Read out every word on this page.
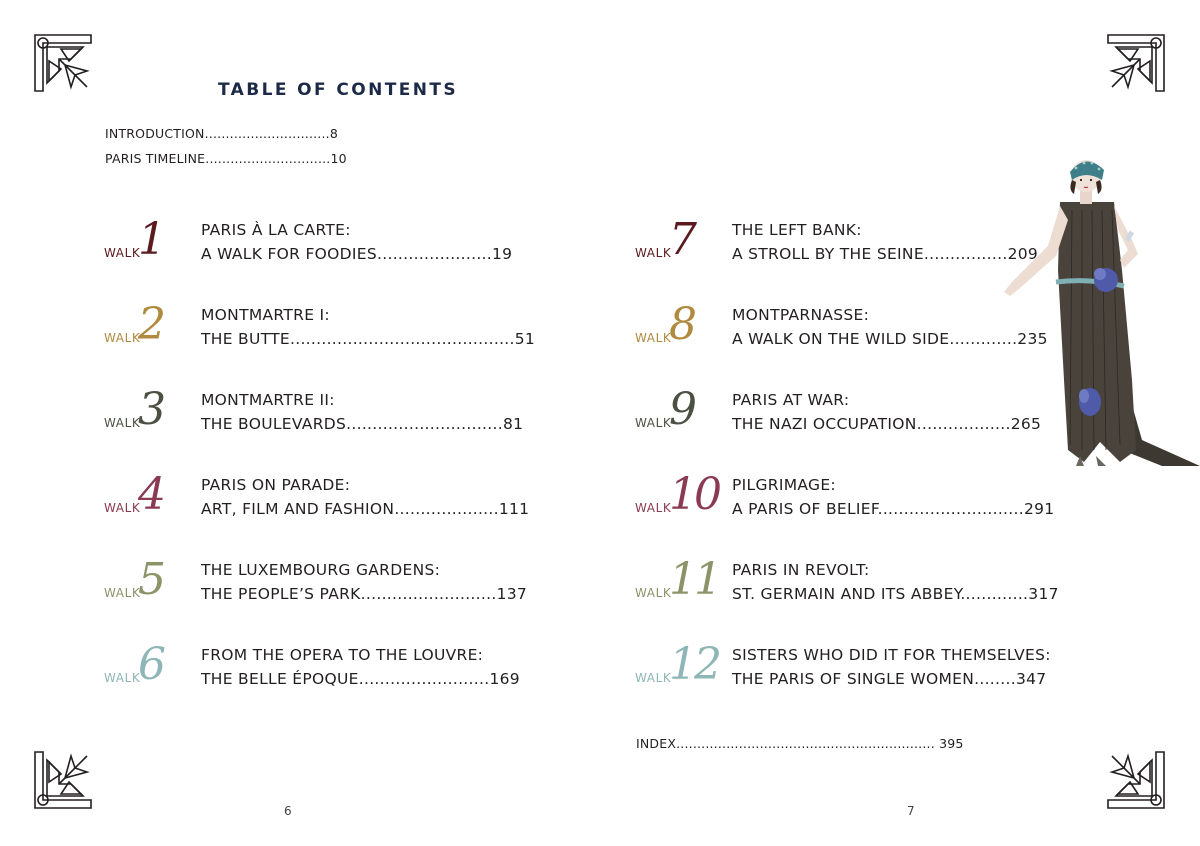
TABLE OF CONTENTS
INTRODUCTION..............................8
PARIS TIMELINE..............................10
WALK
1 PARIS À LA CARTE:
A WALK FOR FOODIES......................19
WALK
2 MONTMARTRE I:
THE BUTTE...........................................51
WALK
3 MONTMARTRE II:
THE BOULEVARDS..............................81
WALK
4 PARIS ON PARADE:
ART, FILM AND FASHION....................111
WALK
5 THE LUXEMBOURG GARDENS:
THE PEOPLE’S PARK..........................137
WALK
6 FROM THE OPERA TO THE LOUVRE:
THE BELLE ÉPOQUE.........................169
6
WALK
7 THE LEFT BANK:
A STROLL BY THE SEINE................209
WALK
8 MONTPARNASSE:
A WALK ON THE WILD SIDE.............235
WALK
9 PARIS AT WAR:
THE NAZI OCCUPATION..................265
WALK
10 PILGRIMAGE:
A PARIS OF BELIEF............................291
WALK
11 PARIS IN REVOLT:
ST. GERMAIN AND ITS ABBEY.............317
WALK
12 SISTERS WHO DID IT FOR THEMSELVES:
THE PARIS OF SINGLE WOMEN........347
INDEX.............................................................. 395
7
